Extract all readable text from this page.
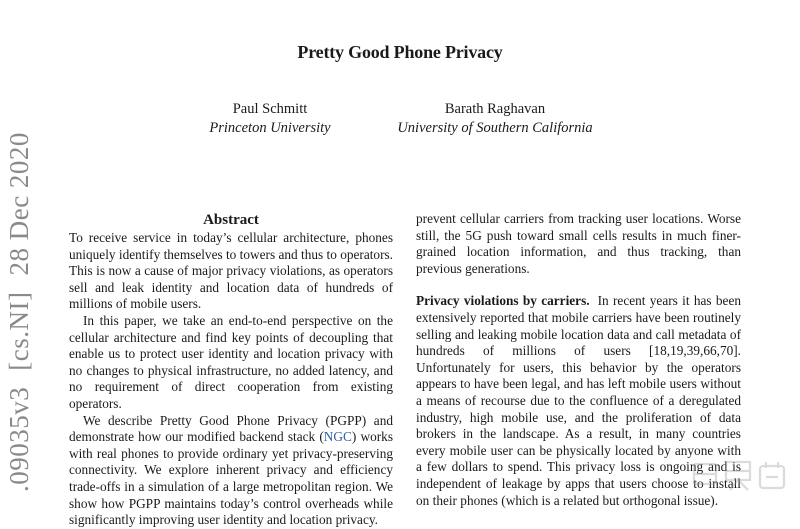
Pretty Good Phone Privacy
Paul Schmitt
Princeton University
Barath Raghavan
University of Southern California
.09035v3[cs.NI]28 Dec 2020	Abstract

To receive service in today’s cellular architecture, phones uniquely identify themselves to towers and thus to operators. This is now a cause of major privacy violations, as operators sell and leak identity and location data of hundreds of millions of mobile users.

In this paper, we take an end-to-end perspective on the cellular architecture and find key points of decoupling that enable us to protect user identity and location privacy with no changes to physical infrastructure, no added latency, and no requirement of direct cooperation from existing operators.

We describe Pretty Good Phone Privacy (PGPP) and demonstrate how our modified backend stack (NGC) works with real phones to provide ordinary yet privacy-preserving connectivity. We explore inherent privacy and efficiency trade-offs in a simulation of a large metropolitan region. We show how PGPP maintains today’s control overheads while significantly improving user identity and location privacy.

prevent cellular carriers from tracking user locations. Worse still, the 5G push toward small cells results in much finer-grained location information, and thus tracking, than previous generations.

Privacy violations by carriers. In recent years it has been extensively reported that mobile carriers have been routinely selling and leaking mobile location data and call metadata of hundreds of millions of users [18,19,39,66,70]. Unfortunately for users, this behavior by the operators appears to have been legal, and has left mobile users without a means of recourse due to the confluence of a deregulated industry, high mobile use, and the proliferation of data brokers in the landscape. As a result, in many countries every mobile user can be physically located by anyone with a few dollars to spend. This privacy loss is ongoing and is independent of leakage by apps that users choose to install on their phones (which is a related but orthogonal issue).
